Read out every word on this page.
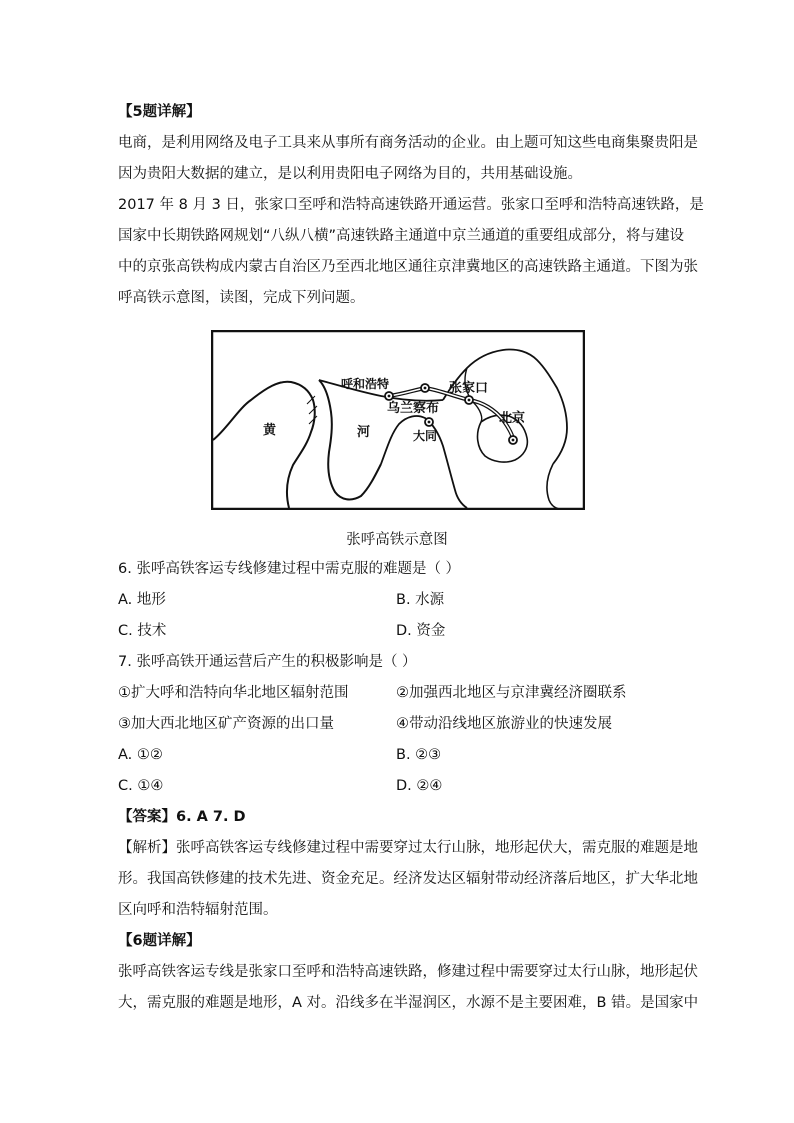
【5题详解】
电商，是利用网络及电子工具来从事所有商务活动的企业。由上题可知这些电商集聚贵阳是
因为贵阳大数据的建立，是以利用贵阳电子网络为目的，共用基础设施。
2017 年 8 月 3 日，张家口至呼和浩特高速铁路开通运营。张家口至呼和浩特高速铁路，是
国家中长期铁路网规划“八纵八横”高速铁路主通道中京兰通道的重要组成部分，将与建设
中的京张高铁构成内蒙古自治区乃至西北地区通往京津冀地区的高速铁路主通道。下图为张
呼高铁示意图，读图，完成下列问题。
呼和浩特
乌兰察布
张家口
大同
北京
黄	河
张呼高铁示意图
6. 张呼高铁客运专线修建过程中需克服的难题是（ ）
A. 地形	B. 水源
C. 技术	D. 资金
7. 张呼高铁开通运营后产生的积极影响是（ ）
①扩大呼和浩特向华北地区辐射范围	②加强西北地区与京津冀经济圈联系
③加大西北地区矿产资源的出口量	④带动沿线地区旅游业的快速发展
A. ①②	B. ②③
C. ①④	D. ②④
【答案】6. A 7. D
【解析】张呼高铁客运专线修建过程中需要穿过太行山脉，地形起伏大，需克服的难题是地
形。我国高铁修建的技术先进、资金充足。经济发达区辐射带动经济落后地区，扩大华北地
区向呼和浩特辐射范围。
【6题详解】
张呼高铁客运专线是张家口至呼和浩特高速铁路，修建过程中需要穿过太行山脉，地形起伏
大，需克服的难题是地形，A 对。沿线多在半湿润区，水源不是主要困难，B 错。是国家中
